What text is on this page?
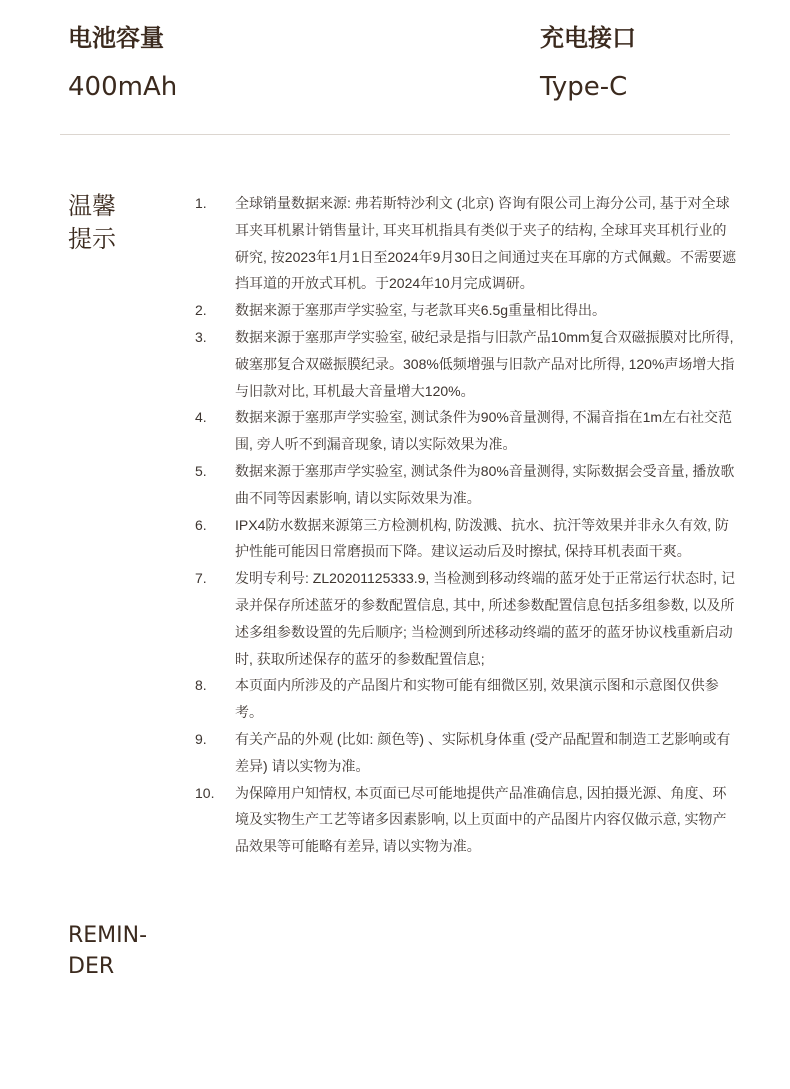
电池容量
400mAh
充电接口
Type-C
温馨
提示
1.	全球销量数据来源: 弗若斯特沙利文 (北京) 咨询有限公司上海分公司, 基于对全球耳夹耳机累计销售量计, 耳夹耳机指具有类似于夹子的结构, 全球耳夹耳机行业的研究, 按2023年1月1日至2024年9月30日之间通过夹在耳廓的方式佩戴。不需要遮挡耳道的开放式耳机。于2024年10月完成调研。
2.	数据来源于塞那声学实验室, 与老款耳夹6.5g重量相比得出。
3.	数据来源于塞那声学实验室, 破纪录是指与旧款产品10mm复合双磁振膜对比所得, 破塞那复合双磁振膜纪录。308%低频增强与旧款产品对比所得, 120%声场增大指与旧款对比, 耳机最大音量增大120%。
4.	数据来源于塞那声学实验室, 测试条件为90%音量测得, 不漏音指在1m左右社交范围, 旁人听不到漏音现象, 请以实际效果为准。
5.	数据来源于塞那声学实验室, 测试条件为80%音量测得, 实际数据会受音量, 播放歌曲不同等因素影响, 请以实际效果为准。
6.	IPX4防水数据来源第三方检测机构, 防泼溅、抗水、抗汗等效果并非永久有效, 防护性能可能因日常磨损而下降。建议运动后及时擦拭, 保持耳机表面干爽。
7.	发明专利号: ZL20201125333.9, 当检测到移动终端的蓝牙处于正常运行状态时, 记录并保存所述蓝牙的参数配置信息, 其中, 所述参数配置信息包括多组参数, 以及所述多组参数设置的先后顺序; 当检测到所述移动终端的蓝牙的蓝牙协议栈重新启动时, 获取所述保存的蓝牙的参数配置信息;
8.	本页面内所涉及的产品图片和实物可能有细微区别, 效果演示图和示意图仅供参考。
9.	有关产品的外观 (比如: 颜色等) 、实际机身体重 (受产品配置和制造工艺影响或有差异) 请以实物为准。
10.	为保障用户知情权, 本页面已尽可能地提供产品准确信息, 因拍摄光源、角度、环境及实物生产工艺等诸多因素影响, 以上页面中的产品图片内容仅做示意, 实物产品效果等可能略有差异, 请以实物为准。
REMIN-
DER
